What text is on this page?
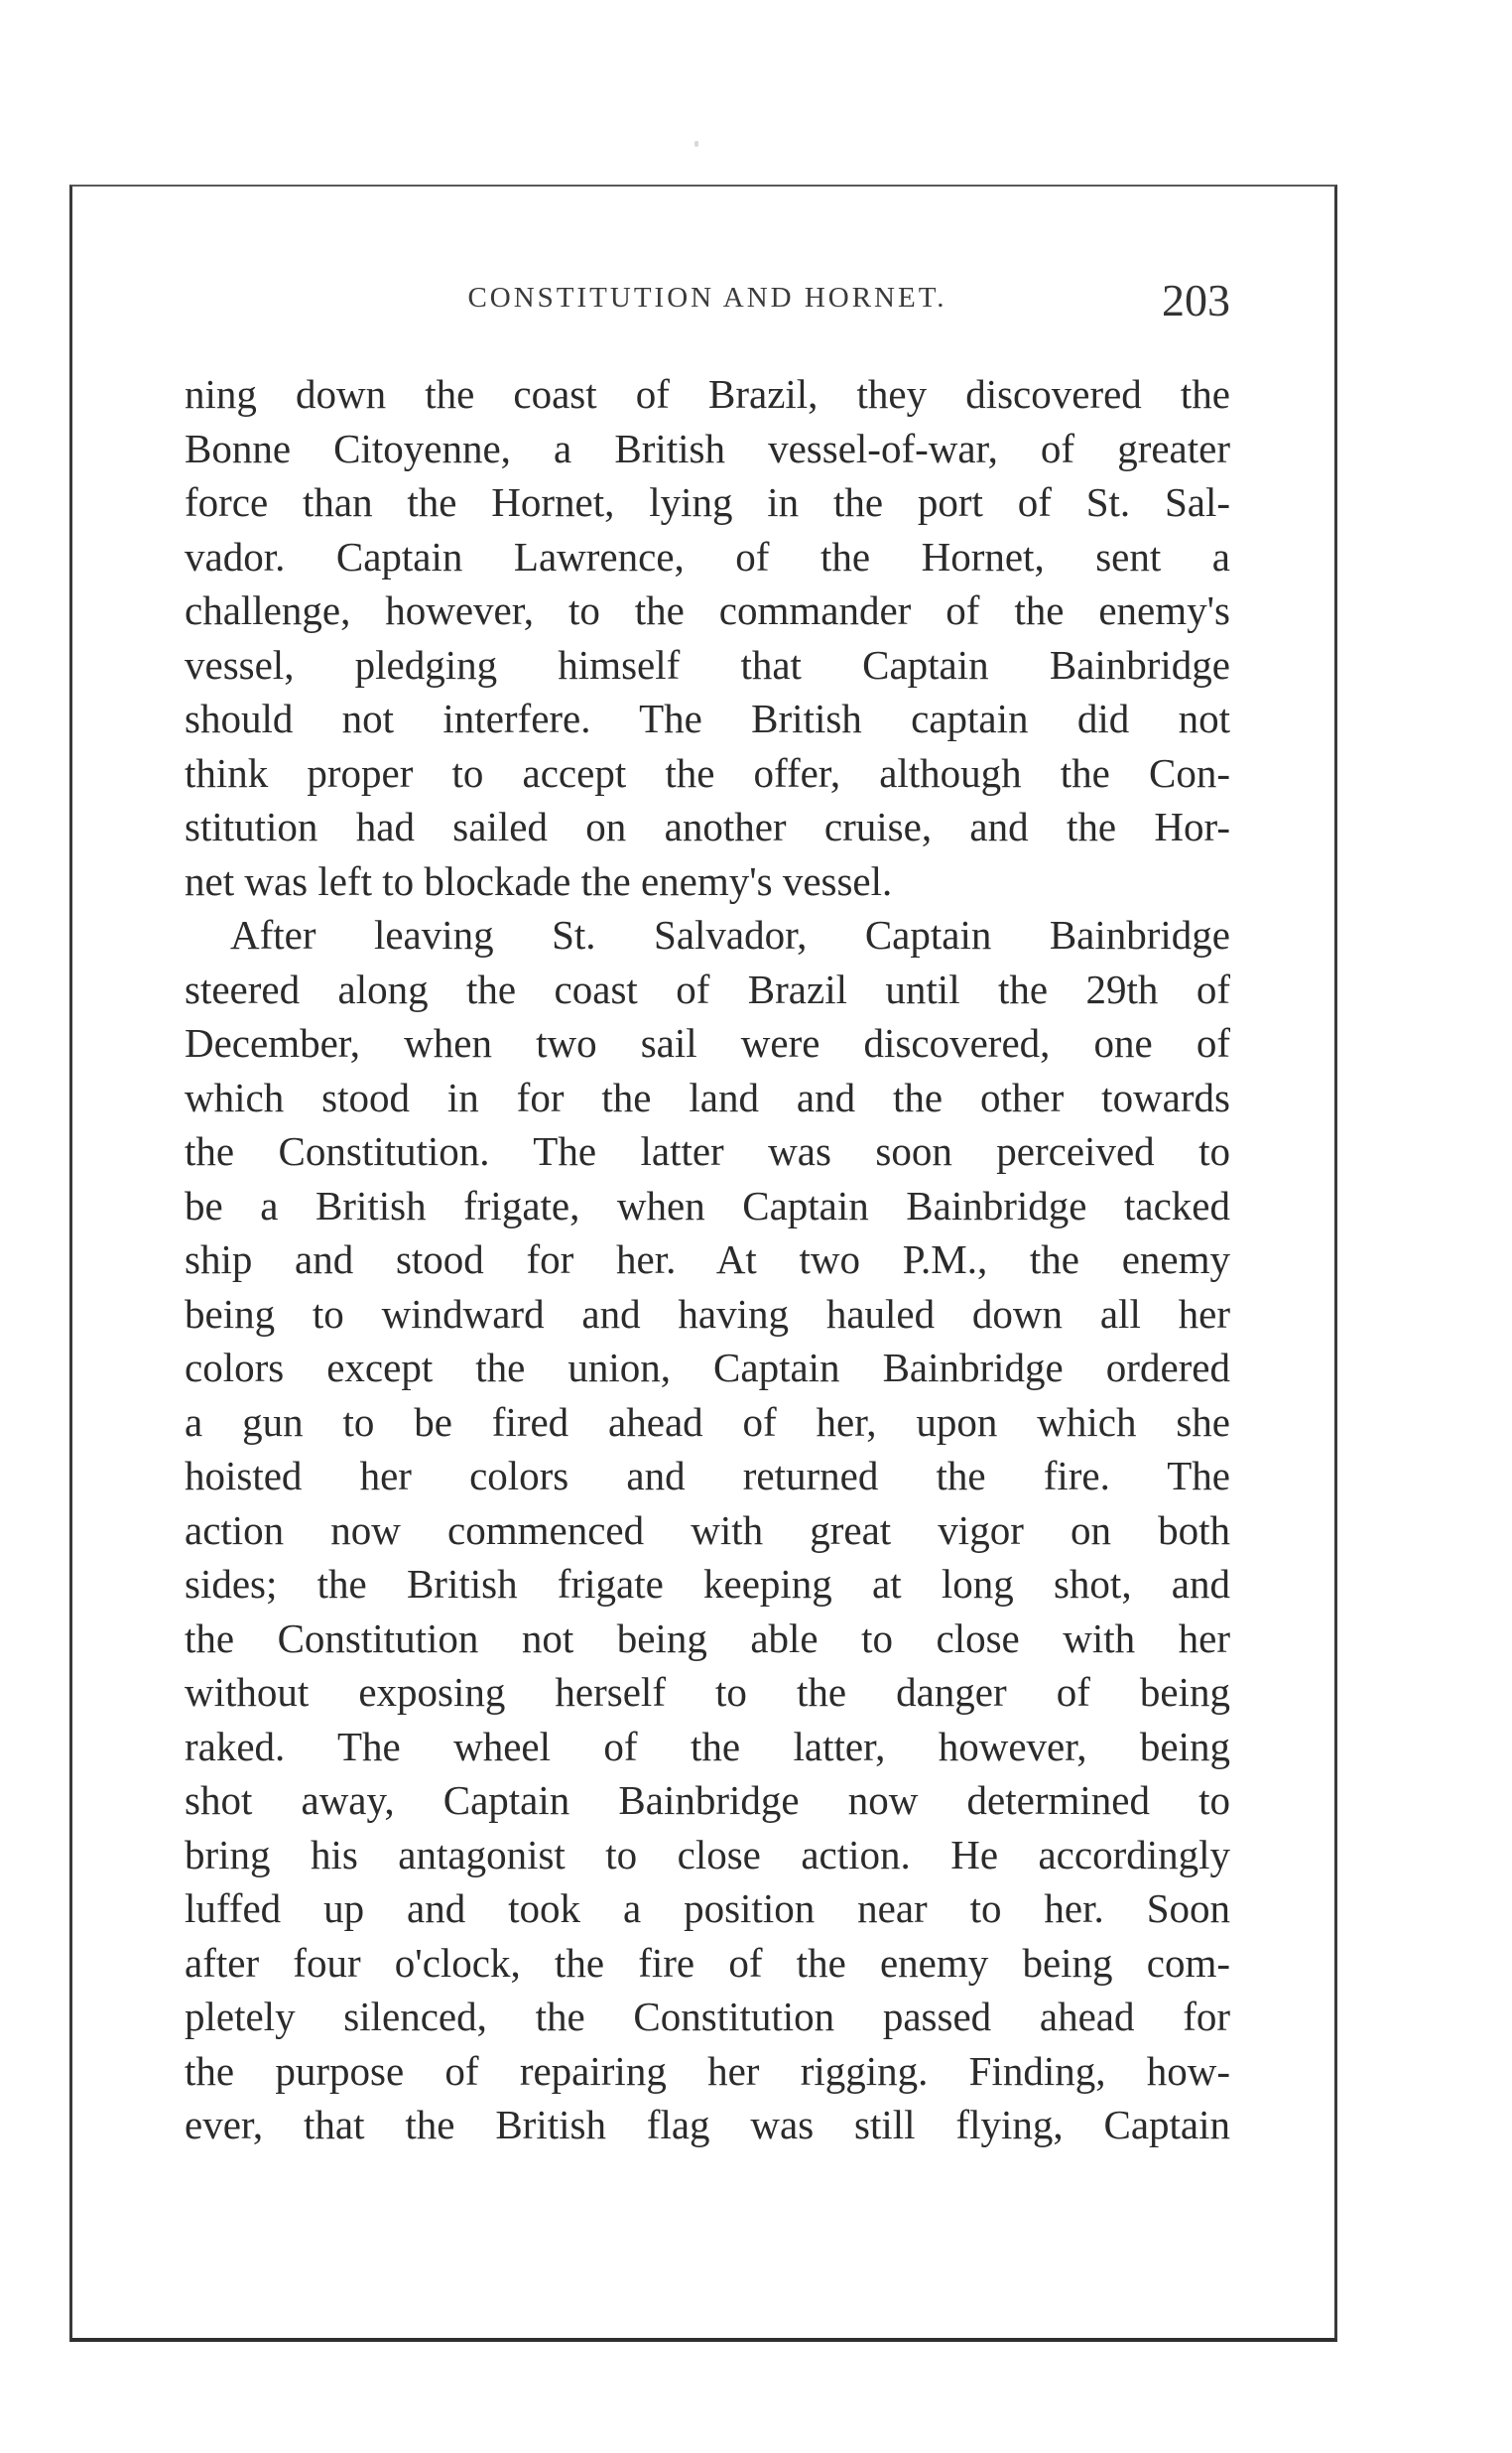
CONSTITUTION AND HORNET.	203
ning down the coast of Brazil, they discovered the
Bonne Citoyenne, a British vessel-of-war, of greater
force than the Hornet, lying in the port of St. Sal-
vador. Captain Lawrence, of the Hornet, sent a
challenge, however, to the commander of the enemy's
vessel, pledging himself that Captain Bainbridge
should not interfere. The British captain did not
think proper to accept the offer, although the Con-
stitution had sailed on another cruise, and the Hor-
net was left to blockade the enemy's vessel.
After leaving St. Salvador, Captain Bainbridge
steered along the coast of Brazil until the 29th of
December, when two sail were discovered, one of
which stood in for the land and the other towards
the Constitution. The latter was soon perceived to
be a British frigate, when Captain Bainbridge tacked
ship and stood for her. At two P.M., the enemy
being to windward and having hauled down all her
colors except the union, Captain Bainbridge ordered
a gun to be fired ahead of her, upon which she
hoisted her colors and returned the fire. The
action now commenced with great vigor on both
sides; the British frigate keeping at long shot, and
the Constitution not being able to close with her
without exposing herself to the danger of being
raked. The wheel of the latter, however, being
shot away, Captain Bainbridge now determined to
bring his antagonist to close action. He accordingly
luffed up and took a position near to her. Soon
after four o'clock, the fire of the enemy being com-
pletely silenced, the Constitution passed ahead for
the purpose of repairing her rigging. Finding, how-
ever, that the British flag was still flying, Captain
